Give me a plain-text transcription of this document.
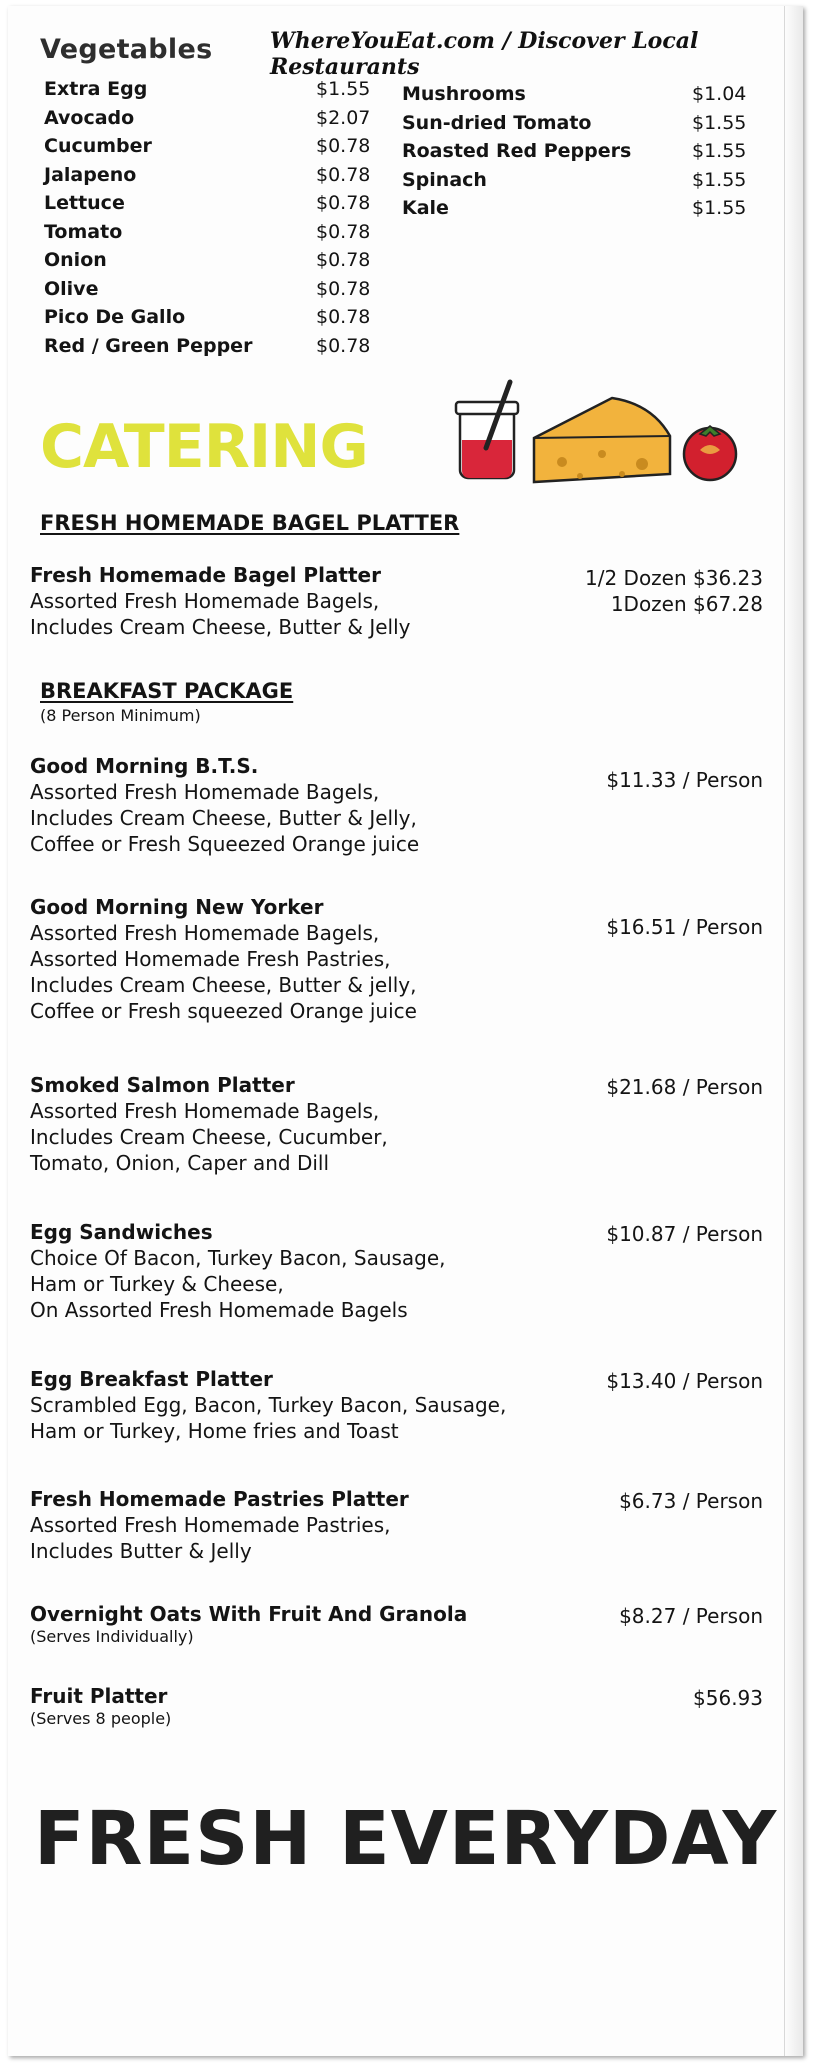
WhereYouEat.com / Discover Local Restaurants
Vegetables
Extra Egg	$1.55
Avocado	$2.07
Cucumber	$0.78
Jalapeno	$0.78
Lettuce	$0.78
Tomato	$0.78
Onion	$0.78
Olive	$0.78
Pico De Gallo	$0.78
Red / Green Pepper	$0.78
Mushrooms	$1.04
Sun-dried Tomato	$1.55
Roasted Red Peppers	$1.55
Spinach	$1.55
Kale	$1.55
CATERING
FRESH HOMEMADE BAGEL PLATTER
Fresh Homemade Bagel Platter
Assorted Fresh Homemade Bagels,
Includes Cream Cheese, Butter & Jelly
1/2 Dozen $36.23
1Dozen $67.28
BREAKFAST PACKAGE
(8 Person Minimum)
Good Morning B.T.S.
Assorted Fresh Homemade Bagels,
Includes Cream Cheese, Butter & Jelly,
Coffee or Fresh Squeezed Orange juice
$11.33 / Person
Good Morning New Yorker
Assorted Fresh Homemade Bagels,
Assorted Homemade Fresh Pastries,
Includes Cream Cheese, Butter & jelly,
Coffee or Fresh squeezed Orange juice
$16.51 / Person
Smoked Salmon Platter
Assorted Fresh Homemade Bagels,
Includes Cream Cheese, Cucumber,
Tomato, Onion, Caper and Dill
$21.68 / Person
Egg Sandwiches
Choice Of Bacon, Turkey Bacon, Sausage,
Ham or Turkey & Cheese,
On Assorted Fresh Homemade Bagels
$10.87 / Person
Egg Breakfast Platter
Scrambled Egg, Bacon, Turkey Bacon, Sausage,
Ham or Turkey, Home fries and Toast
$13.40 / Person
Fresh Homemade Pastries Platter
Assorted Fresh Homemade Pastries,
Includes Butter & Jelly
$6.73 / Person
Overnight Oats With Fruit And Granola
(Serves Individually)
$8.27 / Person
Fruit Platter
(Serves 8 people)
$56.93
FRESH EVERYDAY
